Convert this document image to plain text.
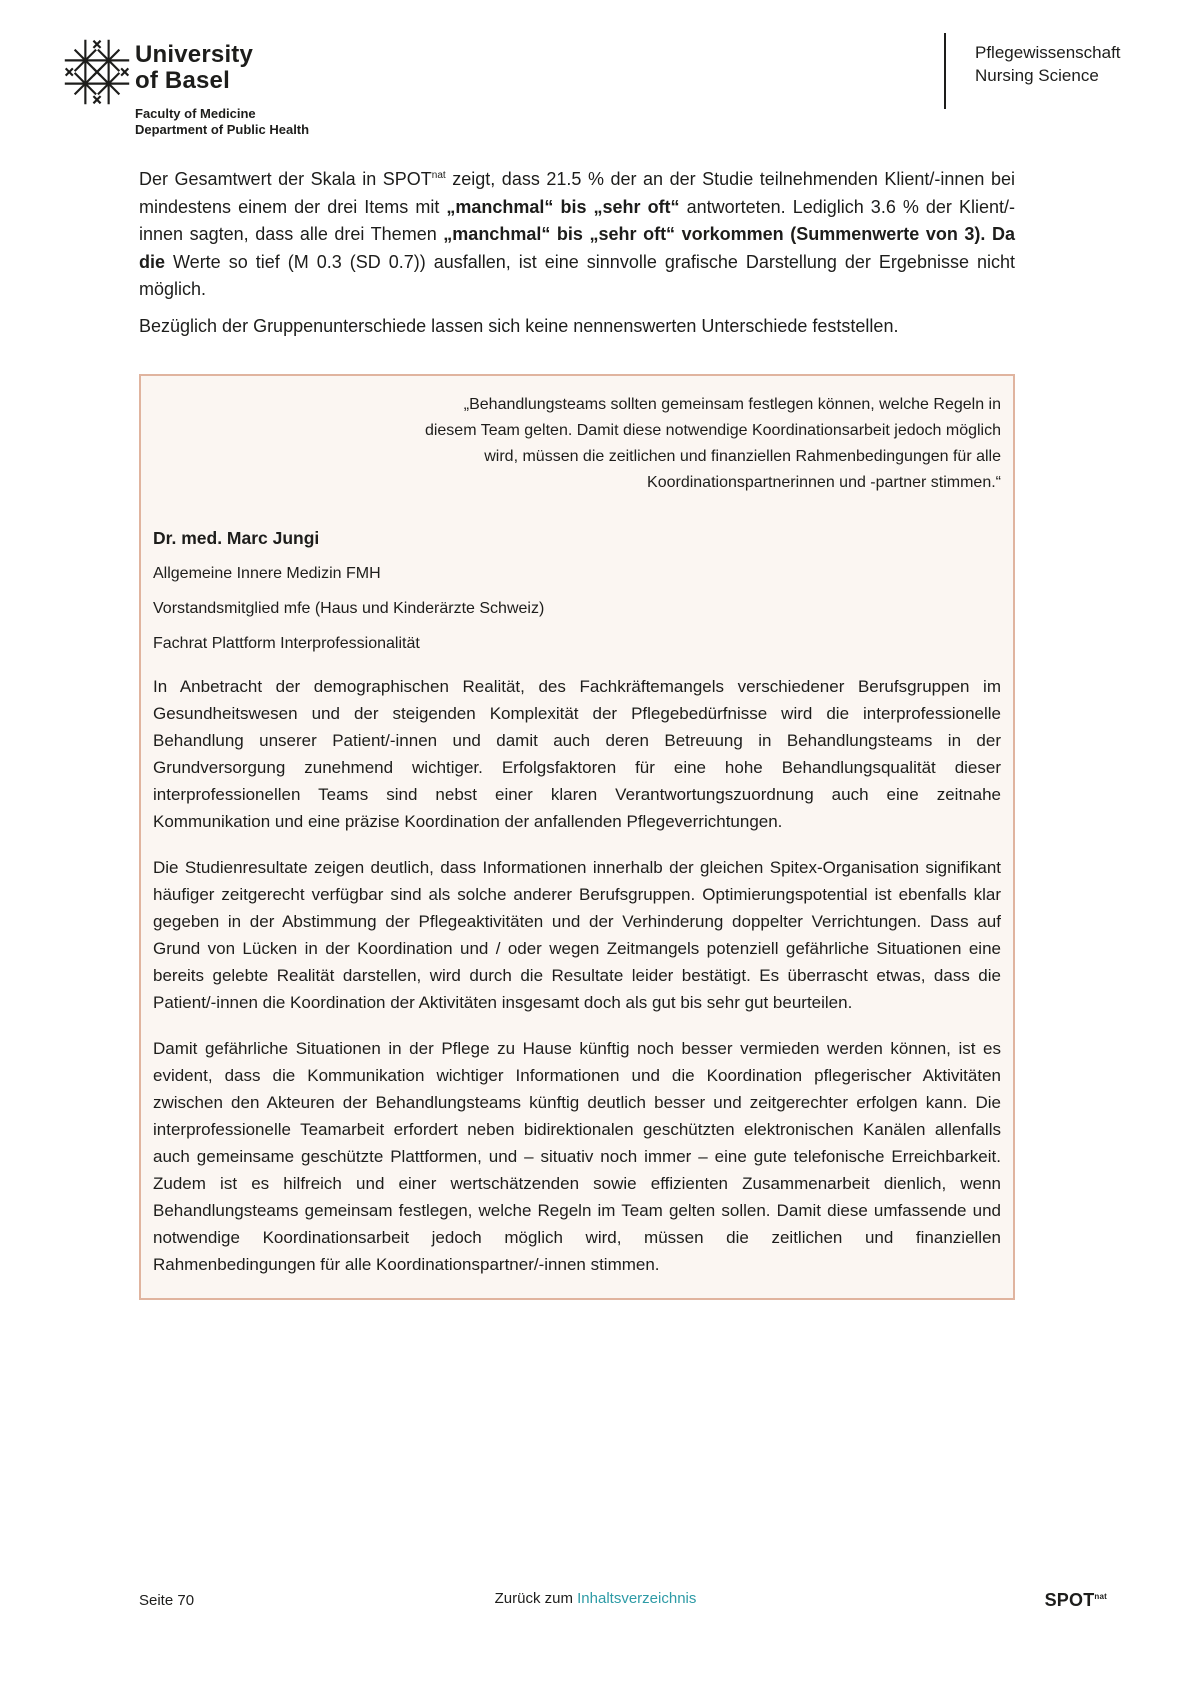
University
of Basel
Faculty of Medicine
Department of Public Health
Pflegewissenschaft
Nursing Science

Der Gesamtwert der Skala in $SPOT^{nat}$ zeigt, dass 21.5 % der an der Studie teilnehmenden Klient/-innen bei mindestens einem der drei Items mit „manchmal“ bis „sehr oft“ antworteten. Lediglich 3.6 % der Klient/-innen sagten, dass alle drei Themen „manchmal“ bis „sehr oft“ vorkommen (Summenwerte von 3). Da die Werte so tief (M 0.3 (SD 0.7)) ausfallen, ist eine sinnvolle grafische Darstellung der Ergebnisse nicht möglich.

Bezüglich der Gruppenunterschiede lassen sich keine nennenswerten Unterschiede feststellen.

„Behandlungsteams sollten gemeinsam festlegen können, welche Regeln in diesem Team gelten. Damit diese notwendige Koordinationsarbeit jedoch möglich wird, müssen die zeitlichen und finanziellen Rahmenbedingungen für alle Koordinationspartnerinnen und -partner stimmen.“

Dr. med. Marc Jungi

Allgemeine Innere Medizin FMH

Vorstandsmitglied mfe (Haus und Kinderärzte Schweiz)

Fachrat Plattform Interprofessionalität

In Anbetracht der demographischen Realität, des Fachkräftemangels verschiedener Berufsgruppen im Gesundheitswesen und der steigenden Komplexität der Pflegebedürfnisse wird die interprofessionelle Behandlung unserer Patient/-innen und damit auch deren Betreuung in Behandlungsteams in der Grundversorgung zunehmend wichtiger. Erfolgsfaktoren für eine hohe Behandlungsqualität dieser interprofessionellen Teams sind nebst einer klaren Verantwortungszuordnung auch eine zeitnahe Kommunikation und eine präzise Koordination der anfallenden Pflegeverrichtungen.

Die Studienresultate zeigen deutlich, dass Informationen innerhalb der gleichen Spitex-Organisation signifikant häufiger zeitgerecht verfügbar sind als solche anderer Berufsgruppen. Optimierungspotential ist ebenfalls klar gegeben in der Abstimmung der Pflegeaktivitäten und der Verhinderung doppelter Verrichtungen. Dass auf Grund von Lücken in der Koordination und / oder wegen Zeitmangels potenziell gefährliche Situationen eine bereits gelebte Realität darstellen, wird durch die Resultate leider bestätigt. Es überrascht etwas, dass die Patient/-innen die Koordination der Aktivitäten insgesamt doch als gut bis sehr gut beurteilen.

Damit gefährliche Situationen in der Pflege zu Hause künftig noch besser vermieden werden können, ist es evident, dass die Kommunikation wichtiger Informationen und die Koordination pflegerischer Aktivitäten zwischen den Akteuren der Behandlungsteams künftig deutlich besser und zeitgerechter erfolgen kann. Die interprofessionelle Teamarbeit erfordert neben bidirektionalen geschützten elektronischen Kanälen allenfalls auch gemeinsame geschützte Plattformen, und – situativ noch immer – eine gute telefonische Erreichbarkeit. Zudem ist es hilfreich und einer wertschätzenden sowie effizienten Zusammenarbeit dienlich, wenn Behandlungsteams gemeinsam festlegen, welche Regeln im Team gelten sollen. Damit diese umfassende und notwendige Koordinationsarbeit jedoch möglich wird, müssen die zeitlichen und finanziellen Rahmenbedingungen für alle Koordinationspartner/-innen stimmen.

Seite 70	Zurück zum Inhaltsverzeichnis	$SPOT^{nat}$
